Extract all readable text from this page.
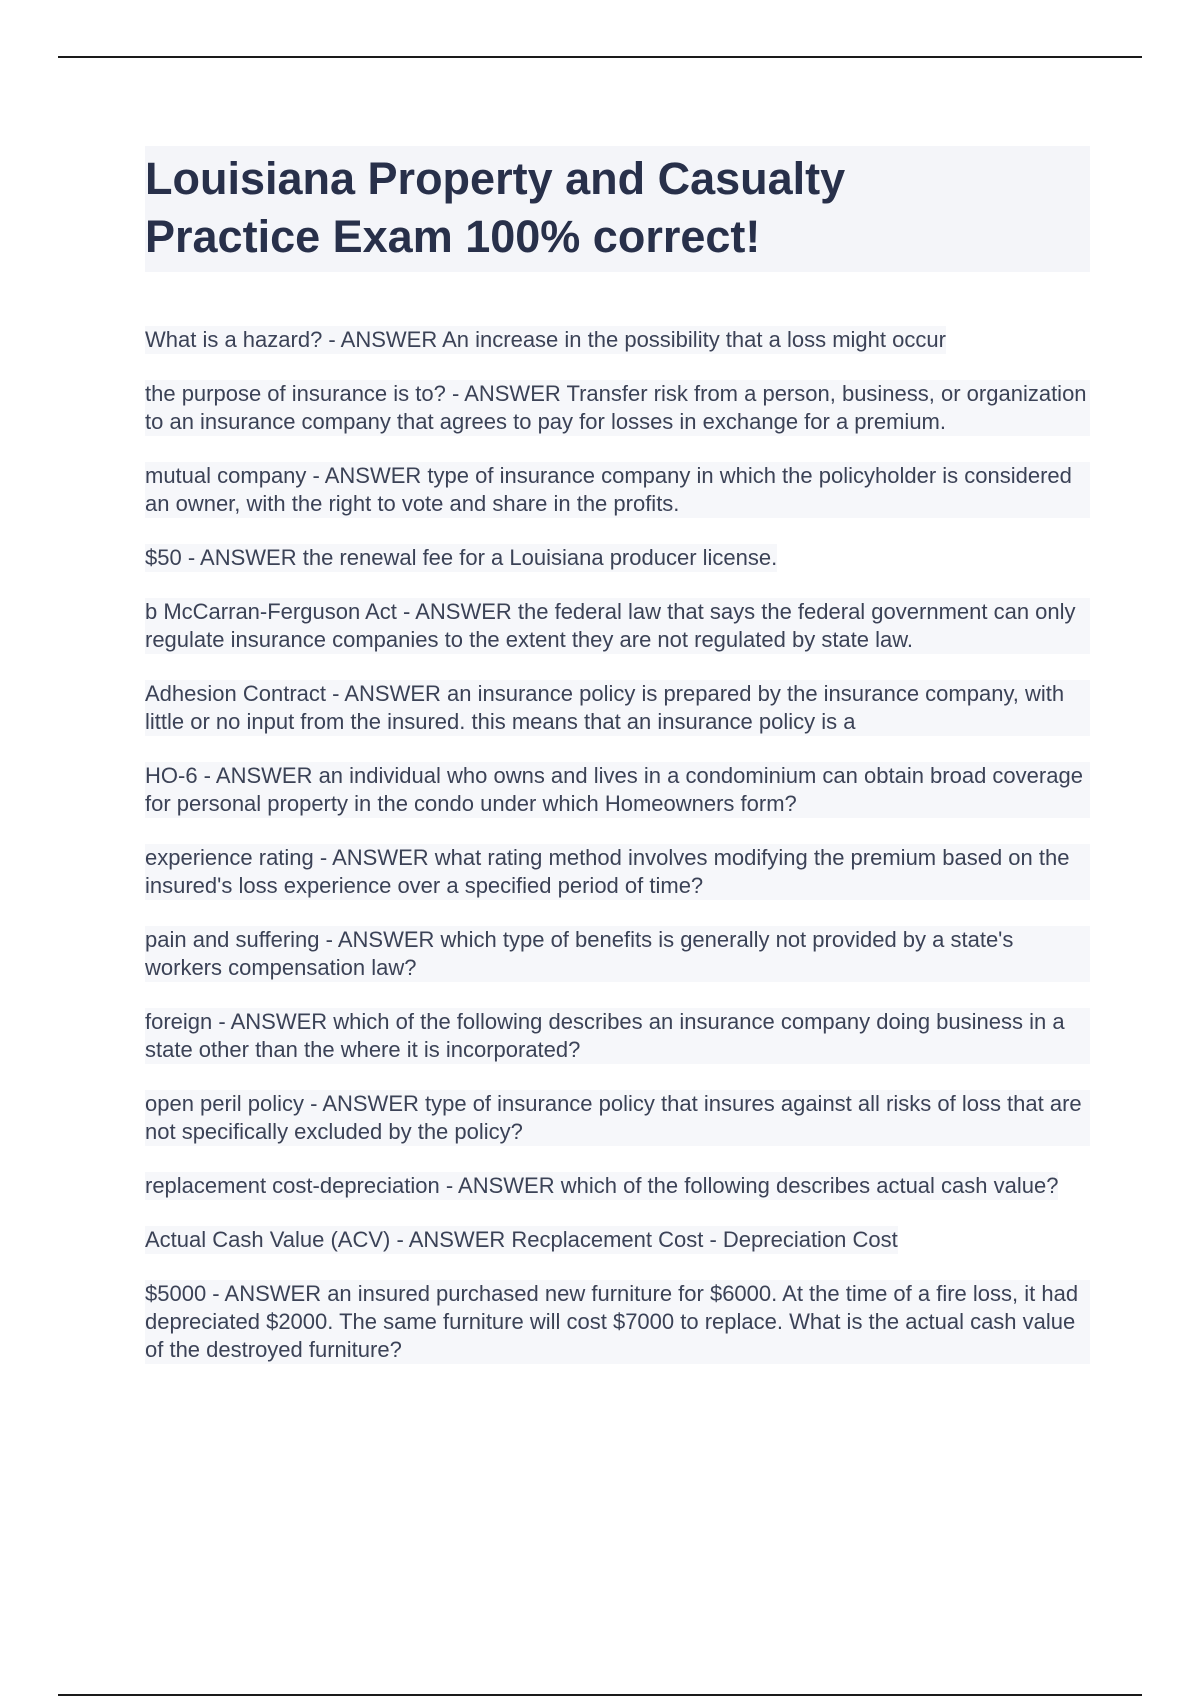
Louisiana Property and Casualty
Practice Exam 100% correct!
What is a hazard? - ANSWER An increase in the possibility that a loss might occur
the purpose of insurance is to? - ANSWER Transfer risk from a person, business, or organization to an insurance company that agrees to pay for losses in exchange for a premium.
mutual company - ANSWER type of insurance company in which the policyholder is considered an owner, with the right to vote and share in the profits.
$50 - ANSWER the renewal fee for a Louisiana producer license.
b McCarran-Ferguson Act - ANSWER the federal law that says the federal government can only regulate insurance companies to the extent they are not regulated by state law.
Adhesion Contract - ANSWER an insurance policy is prepared by the insurance company, with little or no input from the insured. this means that an insurance policy is a
HO-6 - ANSWER an individual who owns and lives in a condominium can obtain broad coverage for personal property in the condo under which Homeowners form?
experience rating - ANSWER what rating method involves modifying the premium based on the insured's loss experience over a specified period of time?
pain and suffering - ANSWER which type of benefits is generally not provided by a state's workers compensation law?
foreign - ANSWER which of the following describes an insurance company doing business in a state other than the where it is incorporated?
open peril policy - ANSWER type of insurance policy that insures against all risks of loss that are not specifically excluded by the policy?
replacement cost-depreciation - ANSWER which of the following describes actual cash value?
Actual Cash Value (ACV) - ANSWER Recplacement Cost - Depreciation Cost
$5000 - ANSWER an insured purchased new furniture for $6000. At the time of a fire loss, it had depreciated $2000. The same furniture will cost $7000 to replace. What is the actual cash value of the destroyed furniture?
